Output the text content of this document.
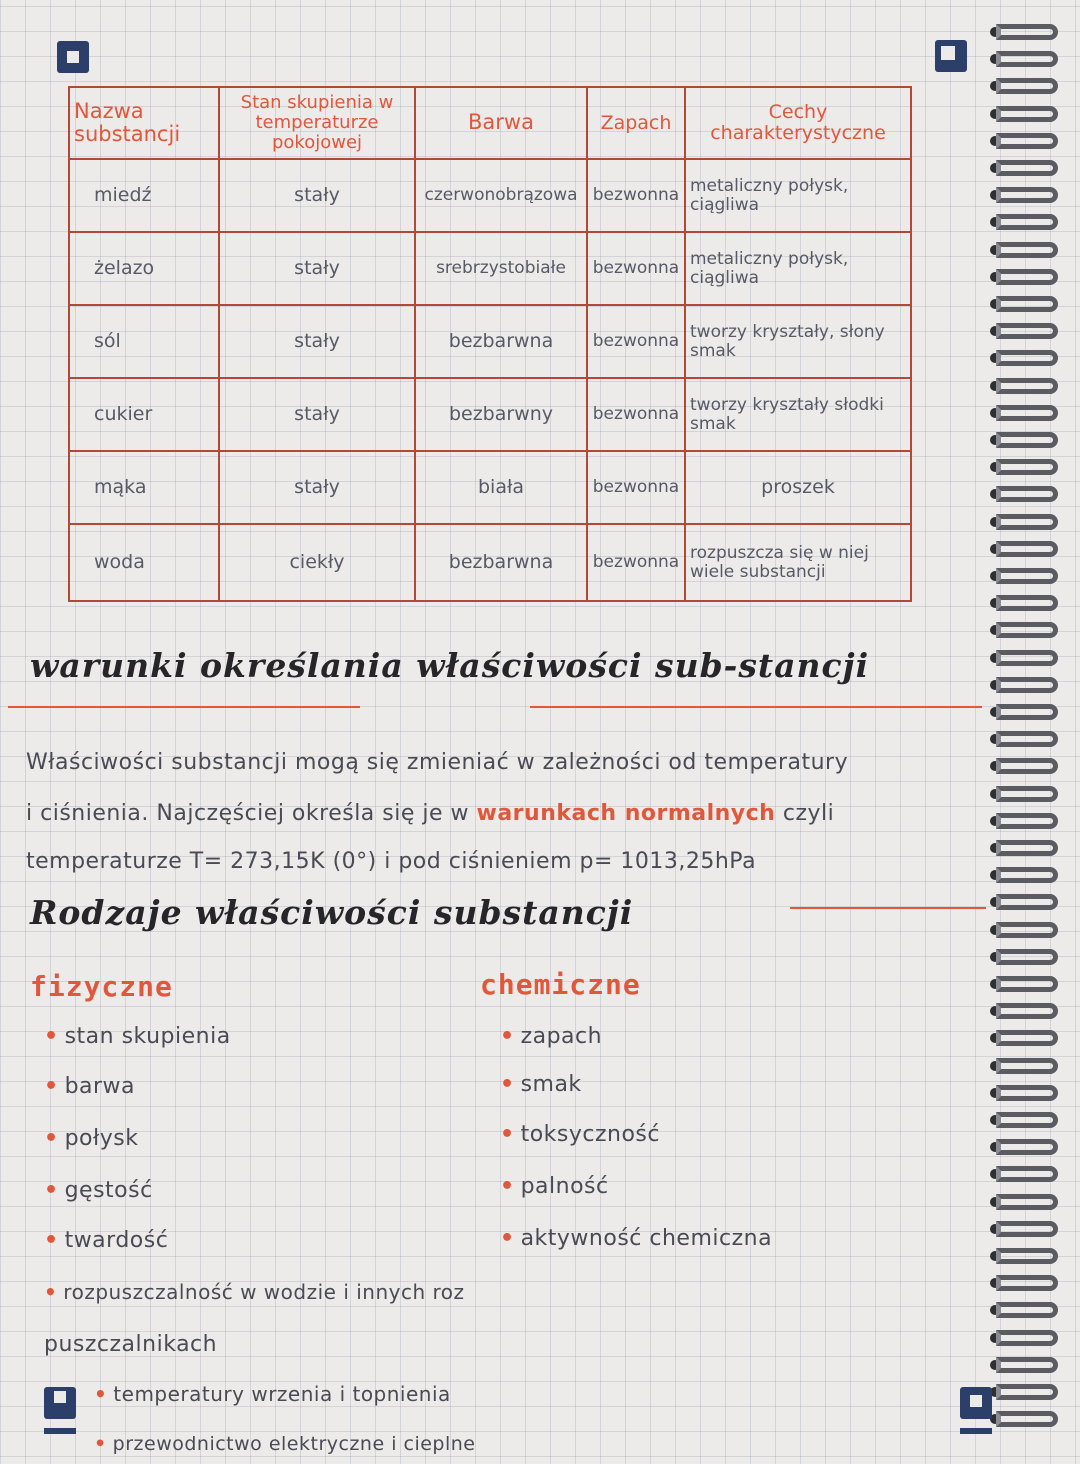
Nazwa substancji	Stan skupienia w temperaturze pokojowej	Barwa	Zapach	Cechy charakterystyczne
miedź	stały	czerwonobrązowa	bezwonna	metaliczny połysk, ciągliwa
żelazo	stały	srebrzystobiałe	bezwonna	metaliczny połysk, ciągliwa
sól	stały	bezbarwna	bezwonna	tworzy kryształy, słony smak
cukier	stały	bezbarwny	bezwonna	tworzy kryształy słodki smak
mąka	stały	biała	bezwonna	proszek
woda	ciekły	bezbarwna	bezwonna	rozpuszcza się w niej wiele substancji
warunki określania właściwości sub-stancji
Właściwości substancji mogą się zmieniać w zależności od temperatury
i ciśnienia. Najczęściej określa się je w warunkach normalnych czyli
temperaturze T= 273,15K (0°) i pod ciśnieniem p= 1013,25hPa
Rodzaje właściwości substancji
fizyczne	chemiczne
• stan skupienia
• barwa
• połysk
• gęstość
• twardość
• rozpuszczalność w wodzie i innych roz
puszczalnikach
• temperatury wrzenia i topnienia
• przewodnictwo elektryczne i cieplne
• zapach
• smak
• toksyczność
• palność
• aktywność chemiczna
